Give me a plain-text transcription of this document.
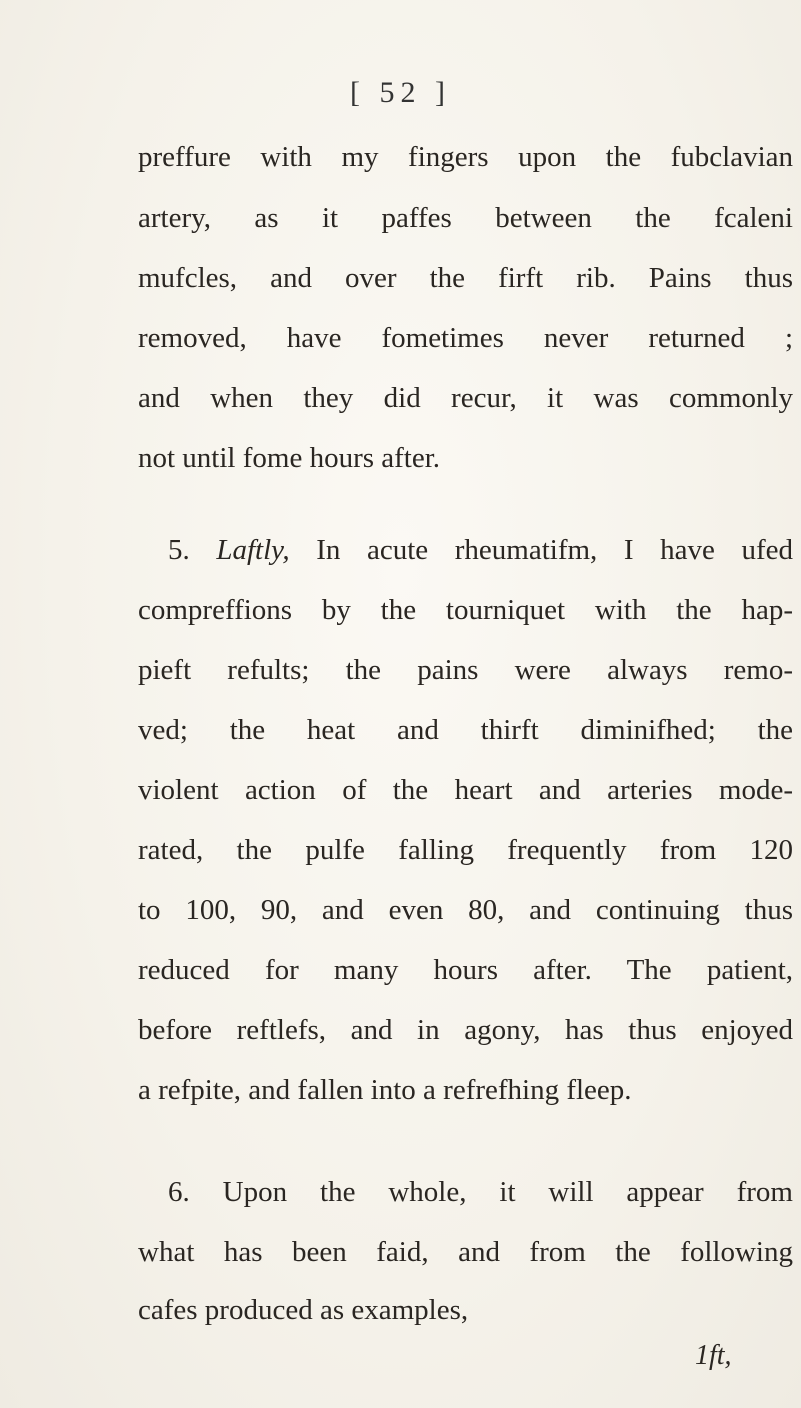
[ 52 ]
preffure with my fingers upon the fubclavian
artery, as it paffes between the fcaleni
mufcles, and over the firft rib. Pains thus
removed, have fometimes never returned ;
and when they did recur, it was commonly
not until fome hours after.
5. Laftly, In acute rheumatifm, I have ufed
compreffions by the tourniquet with the hap-
pieft refults; the pains were always remo-
ved; the heat and thirft diminifhed; the
violent action of the heart and arteries mode-
rated, the pulfe falling frequently from 120
to 100, 90, and even 80, and continuing thus
reduced for many hours after. The patient,
before reftlefs, and in agony, has thus enjoyed
a refpite, and fallen into a refrefhing fleep.
6. Upon the whole, it will appear from
what has been faid, and from the following
cafes produced as examples,
1ft,
